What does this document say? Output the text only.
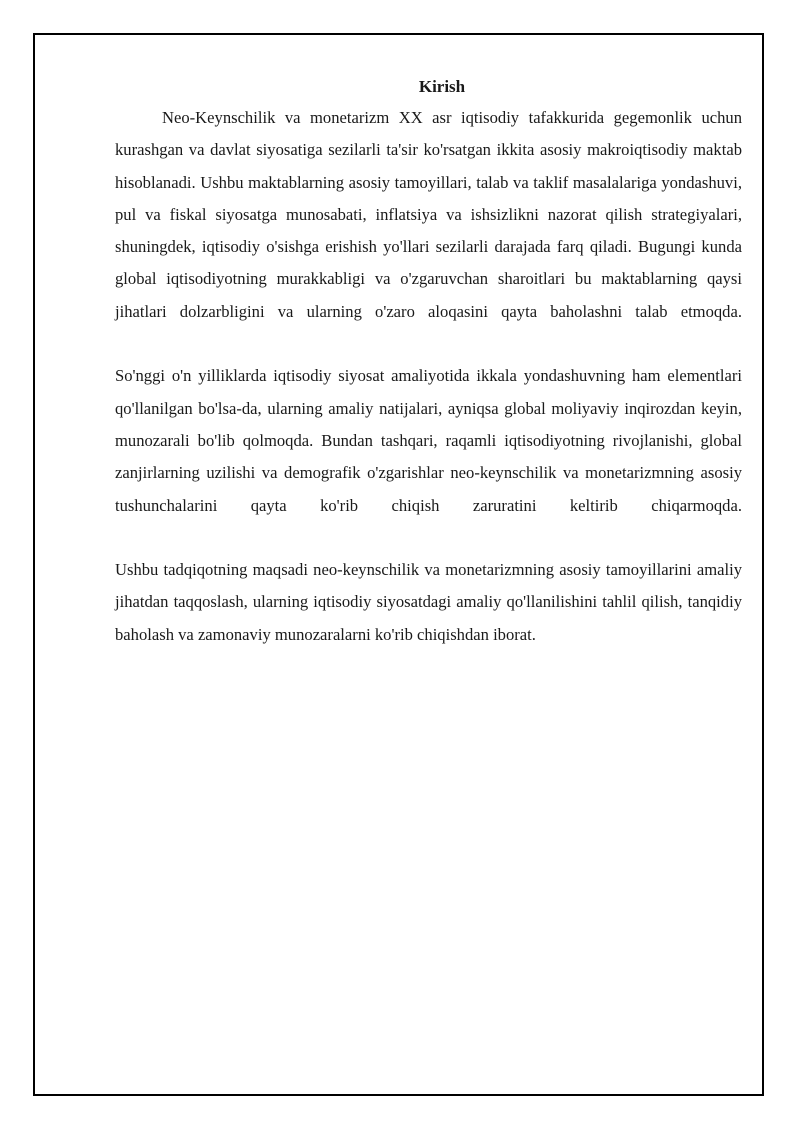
Kirish

Neo-Keynschilik va monetarizm XX asr iqtisodiy tafakkurida gegemonlik uchun kurashgan va davlat siyosatiga sezilarli ta'sir ko'rsatgan ikkita asosiy makroiqtisodiy maktab hisoblanadi. Ushbu maktablarning asosiy tamoyillari, talab va taklif masalalariga yondashuvi, pul va fiskal siyosatga munosabati, inflatsiya va ishsizlikni nazorat qilish strategiyalari, shuningdek, iqtisodiy o'sishga erishish yo'llari sezilarli darajada farq qiladi. Bugungi kunda global iqtisodiyotning murakkabligi va o'zgaruvchan sharoitlari bu maktablarning qaysi jihatlari dolzarbligini va ularning o'zaro aloqasini qayta baholashni talab etmoqda.

So'nggi o'n yilliklarda iqtisodiy siyosat amaliyotida ikkala yondashuvning ham elementlari qo'llanilgan bo'lsa-da, ularning amaliy natijalari, ayniqsa global moliyaviy inqirozdan keyin, munozarali bo'lib qolmoqda. Bundan tashqari, raqamli iqtisodiyotning rivojlanishi, global zanjirlarning uzilishi va demografik o'zgarishlar neo-keynschilik va monetarizmning asosiy tushunchalarini qayta ko'rib chiqish zaruratini keltirib chiqarmoqda.

Ushbu tadqiqotning maqsadi neo-keynschilik va monetarizmning asosiy tamoyillarini amaliy jihatdan taqqoslash, ularning iqtisodiy siyosatdagi amaliy qo'llanilishini tahlil qilish, tanqidiy baholash va zamonaviy munozaralarni ko'rib chiqishdan iborat.
